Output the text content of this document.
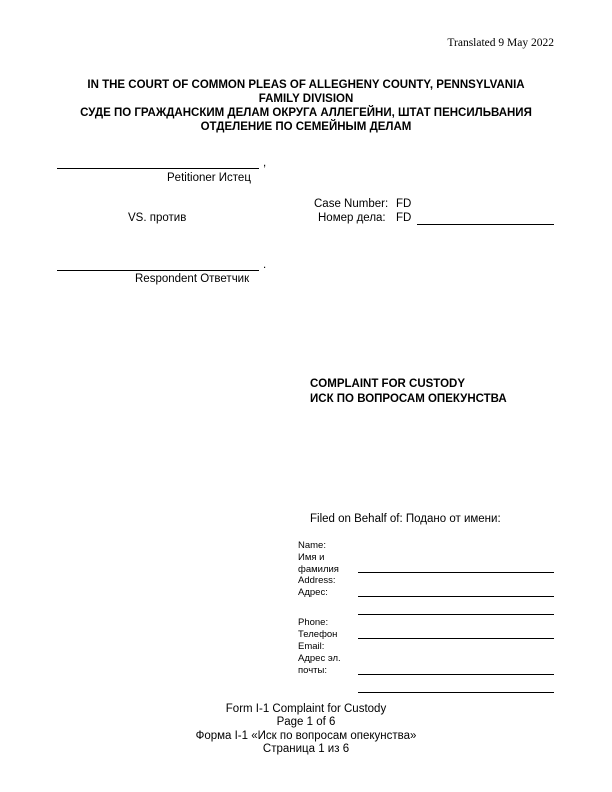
Translated 9 May 2022
IN THE COURT OF COMMON PLEAS OF ALLEGHENY COUNTY, PENNSYLVANIA
FAMILY DIVISION
СУДЕ ПО ГРАЖДАНСКИМ ДЕЛАМ ОКРУГА АЛЛЕГЕЙНИ, ШТАТ ПЕНСИЛЬВАНИЯ
ОТДЕЛЕНИЕ ПО СЕМЕЙНЫМ ДЕЛАМ
,
Petitioner Истец
VS. против
Case Number: FD
Номер дела: FD
.
Respondent Ответчик
COMPLAINT FOR CUSTODY
ИСК ПО ВОПРОСАМ ОПЕКУНСТВА
Filed on Behalf of: Подано от имени:
Name:
Имя и
фамилия
Address:
Адрес:
Phone:
Телефон
Email:
Адрес эл.
почты:
Form I-1 Complaint for Custody
Page 1 of 6
Форма I-1 «Иск по вопросам опекунства»
Страница 1 из 6
